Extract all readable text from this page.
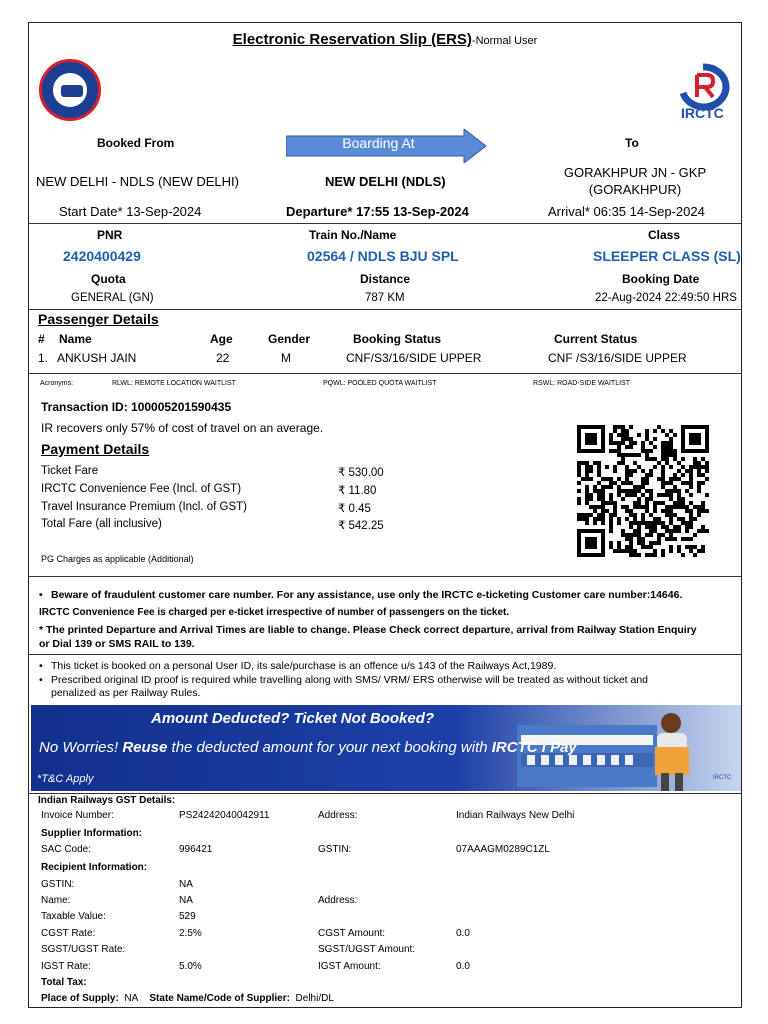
Electronic Reservation Slip (ERS)-Normal User
IRCTC
Booked From	Boarding At	To
NEW DELHI - NDLS (NEW DELHI)	NEW DELHI (NDLS)
GORAKHPUR JN - GKP
(GORAKHPUR)
Start Date* 13-Sep-2024	Departure* 17:55 13-Sep-2024	Arrival* 06:35 14-Sep-2024
PNR	Train No./Name	Class
2420400429	02564 / NDLS BJU SPL	SLEEPER CLASS (SL)
Quota	Distance	Booking Date
GENERAL (GN)	787 KM	22-Aug-2024 22:49:50 HRS
Passenger Details
# Name	Age	Gender	Booking Status	Current Status
1. ANKUSH JAIN	22	M	CNF/S3/16/SIDE UPPER	CNF /S3/16/SIDE UPPER
Acronyms:	RLWL: REMOTE LOCATION WAITLIST	PQWL: POOLED QUOTA WAITLIST	RSWL: ROAD-SIDE WAITLIST
Transaction ID: 100005201590435
IR recovers only 57% of cost of travel on an average.
Payment Details
Ticket Fare	₹ 530.00
IRCTC Convenience Fee (Incl. of GST)	₹ 11.80
Travel Insurance Premium (Incl. of GST)	₹ 0.45
Total Fare (all inclusive)	₹ 542.25
PG Charges as applicable (Additional)
• Beware of fraudulent customer care number. For any assistance, use only the IRCTC e-ticketing Customer care number:14646.
IRCTC Convenience Fee is charged per e-ticket irrespective of number of passengers on the ticket.
* The printed Departure and Arrival Times are liable to change. Please Check correct departure, arrival from Railway Station Enquiry
or Dial 139 or SMS RAIL to 139.
• This ticket is booked on a personal User ID, its sale/purchase is an offence u/s 143 of the Railways Act,1989.
• Prescribed original ID proof is required while travelling along with SMS/ VRM/ ERS otherwise will be treated as without ticket and
penalized as per Railway Rules.
Amount Deducted? Ticket Not Booked?
No Worries! Reuse the deducted amount for your next booking with IRCTC i Pay
*T&C Apply	IRCTC
Indian Railways GST Details:
Invoice Number:	PS24242040042911	Address:	Indian Railways New Delhi
Supplier Information:
SAC Code:	996421	GSTIN:	07AAAGM0289C1ZL
Recipient Information:
GSTIN:	NA
Name:	NA	Address:
Taxable Value:	529
CGST Rate:	2.5%	CGST Amount:	0.0
SGST/UGST Rate:	SGST/UGST Amount:
IGST Rate:	5.0%	IGST Amount:	0.0
Total Tax:
Place of Supply: NA State Name/Code of Supplier: Delhi/DL
